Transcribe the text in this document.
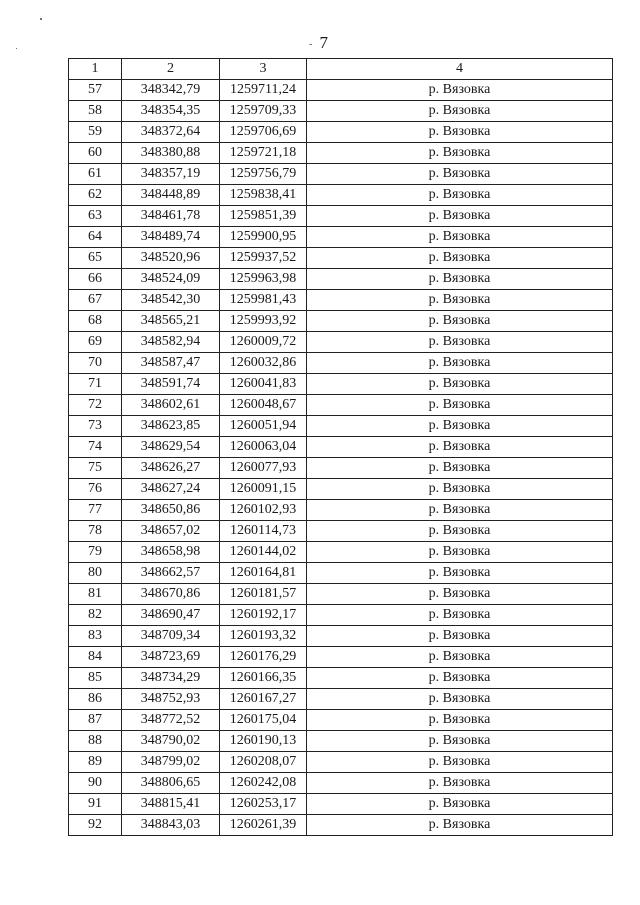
- 7
1	2	3	4
57	348342,79	1259711,24	р. Вязовка
58	348354,35	1259709,33	р. Вязовка
59	348372,64	1259706,69	р. Вязовка
60	348380,88	1259721,18	р. Вязовка
61	348357,19	1259756,79	р. Вязовка
62	348448,89	1259838,41	р. Вязовка
63	348461,78	1259851,39	р. Вязовка
64	348489,74	1259900,95	р. Вязовка
65	348520,96	1259937,52	р. Вязовка
66	348524,09	1259963,98	р. Вязовка
67	348542,30	1259981,43	р. Вязовка
68	348565,21	1259993,92	р. Вязовка
69	348582,94	1260009,72	р. Вязовка
70	348587,47	1260032,86	р. Вязовка
71	348591,74	1260041,83	р. Вязовка
72	348602,61	1260048,67	р. Вязовка
73	348623,85	1260051,94	р. Вязовка
74	348629,54	1260063,04	р. Вязовка
75	348626,27	1260077,93	р. Вязовка
76	348627,24	1260091,15	р. Вязовка
77	348650,86	1260102,93	р. Вязовка
78	348657,02	1260114,73	р. Вязовка
79	348658,98	1260144,02	р. Вязовка
80	348662,57	1260164,81	р. Вязовка
81	348670,86	1260181,57	р. Вязовка
82	348690,47	1260192,17	р. Вязовка
83	348709,34	1260193,32	р. Вязовка
84	348723,69	1260176,29	р. Вязовка
85	348734,29	1260166,35	р. Вязовка
86	348752,93	1260167,27	р. Вязовка
87	348772,52	1260175,04	р. Вязовка
88	348790,02	1260190,13	р. Вязовка
89	348799,02	1260208,07	р. Вязовка
90	348806,65	1260242,08	р. Вязовка
91	348815,41	1260253,17	р. Вязовка
92	348843,03	1260261,39	р. Вязовка
